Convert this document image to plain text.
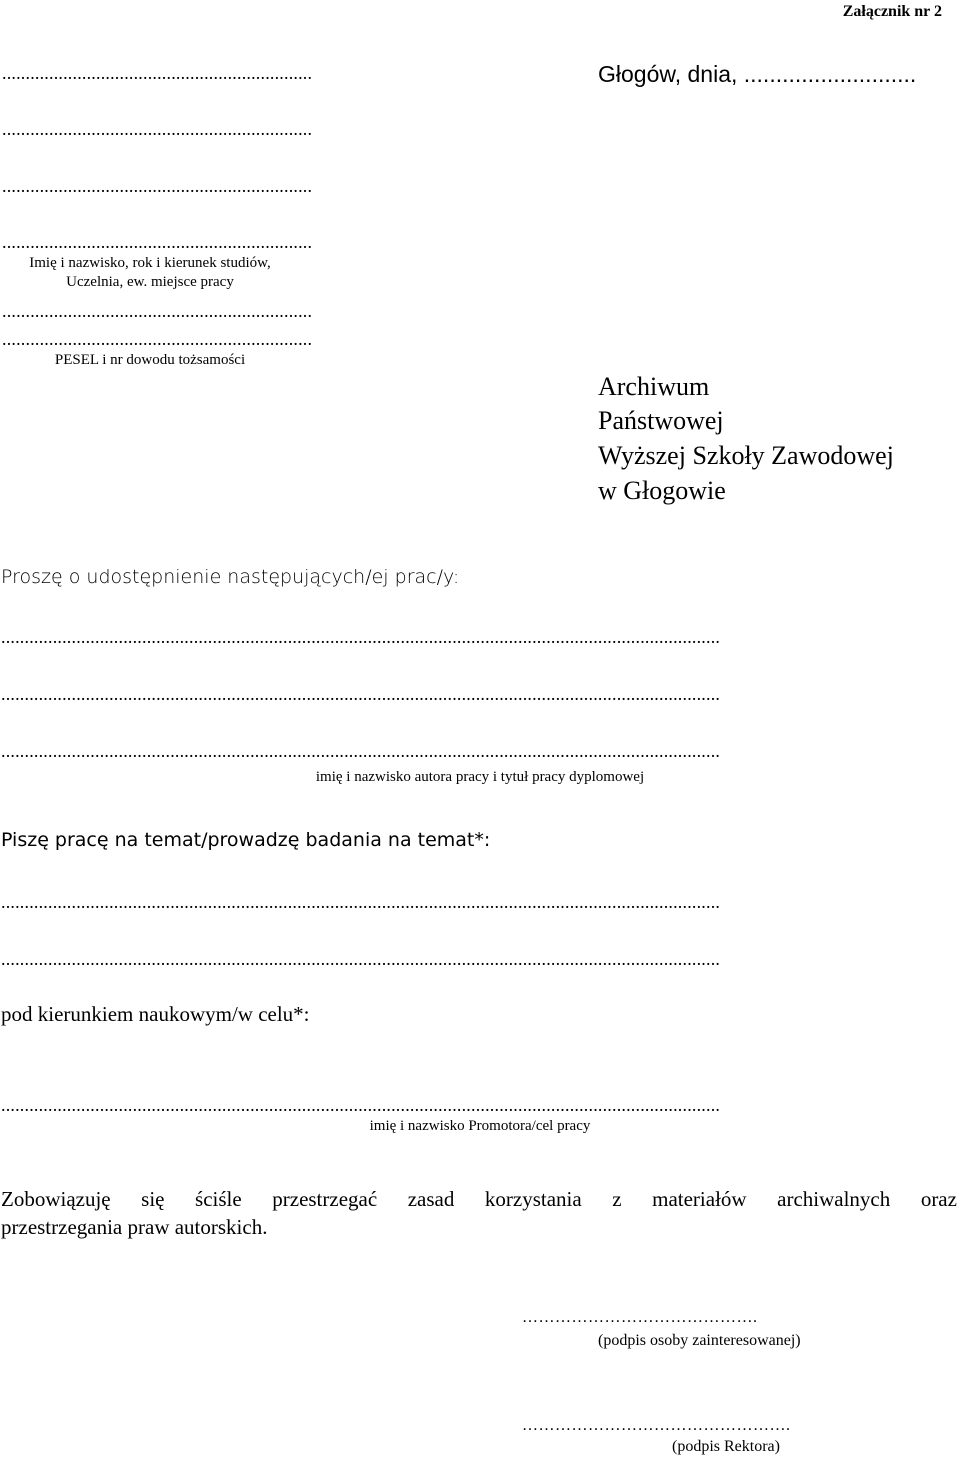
Załącznik nr 2
Głogów, dnia, ...........................
..................................................................
..................................................................
..................................................................
..................................................................
Imię i nazwisko, rok i kierunek studiów,
Uczelnia, ew. miejsce pracy
..................................................................
..................................................................
PESEL i nr dowodu tożsamości
Archiwum
Państwowej
Wyższej Szkoły Zawodowej
w Głogowie
Proszę o udostępnienie następujących/ej prac/y:
.........................................................................................................................................................
.........................................................................................................................................................
.........................................................................................................................................................
imię i nazwisko autora pracy i tytuł pracy dyplomowej
Piszę pracę na temat/prowadzę badania na temat*:
.........................................................................................................................................................
.........................................................................................................................................................
pod kierunkiem naukowym/w celu*:
.........................................................................................................................................................
imię i nazwisko Promotora/cel pracy
Zobowiązuję się ściśle przestrzegać zasad korzystania z materiałów archiwalnych oraz
przestrzegania praw autorskich.
…………………………………….
(podpis osoby zainteresowanej)
………………………………………….
(podpis Rektora)
